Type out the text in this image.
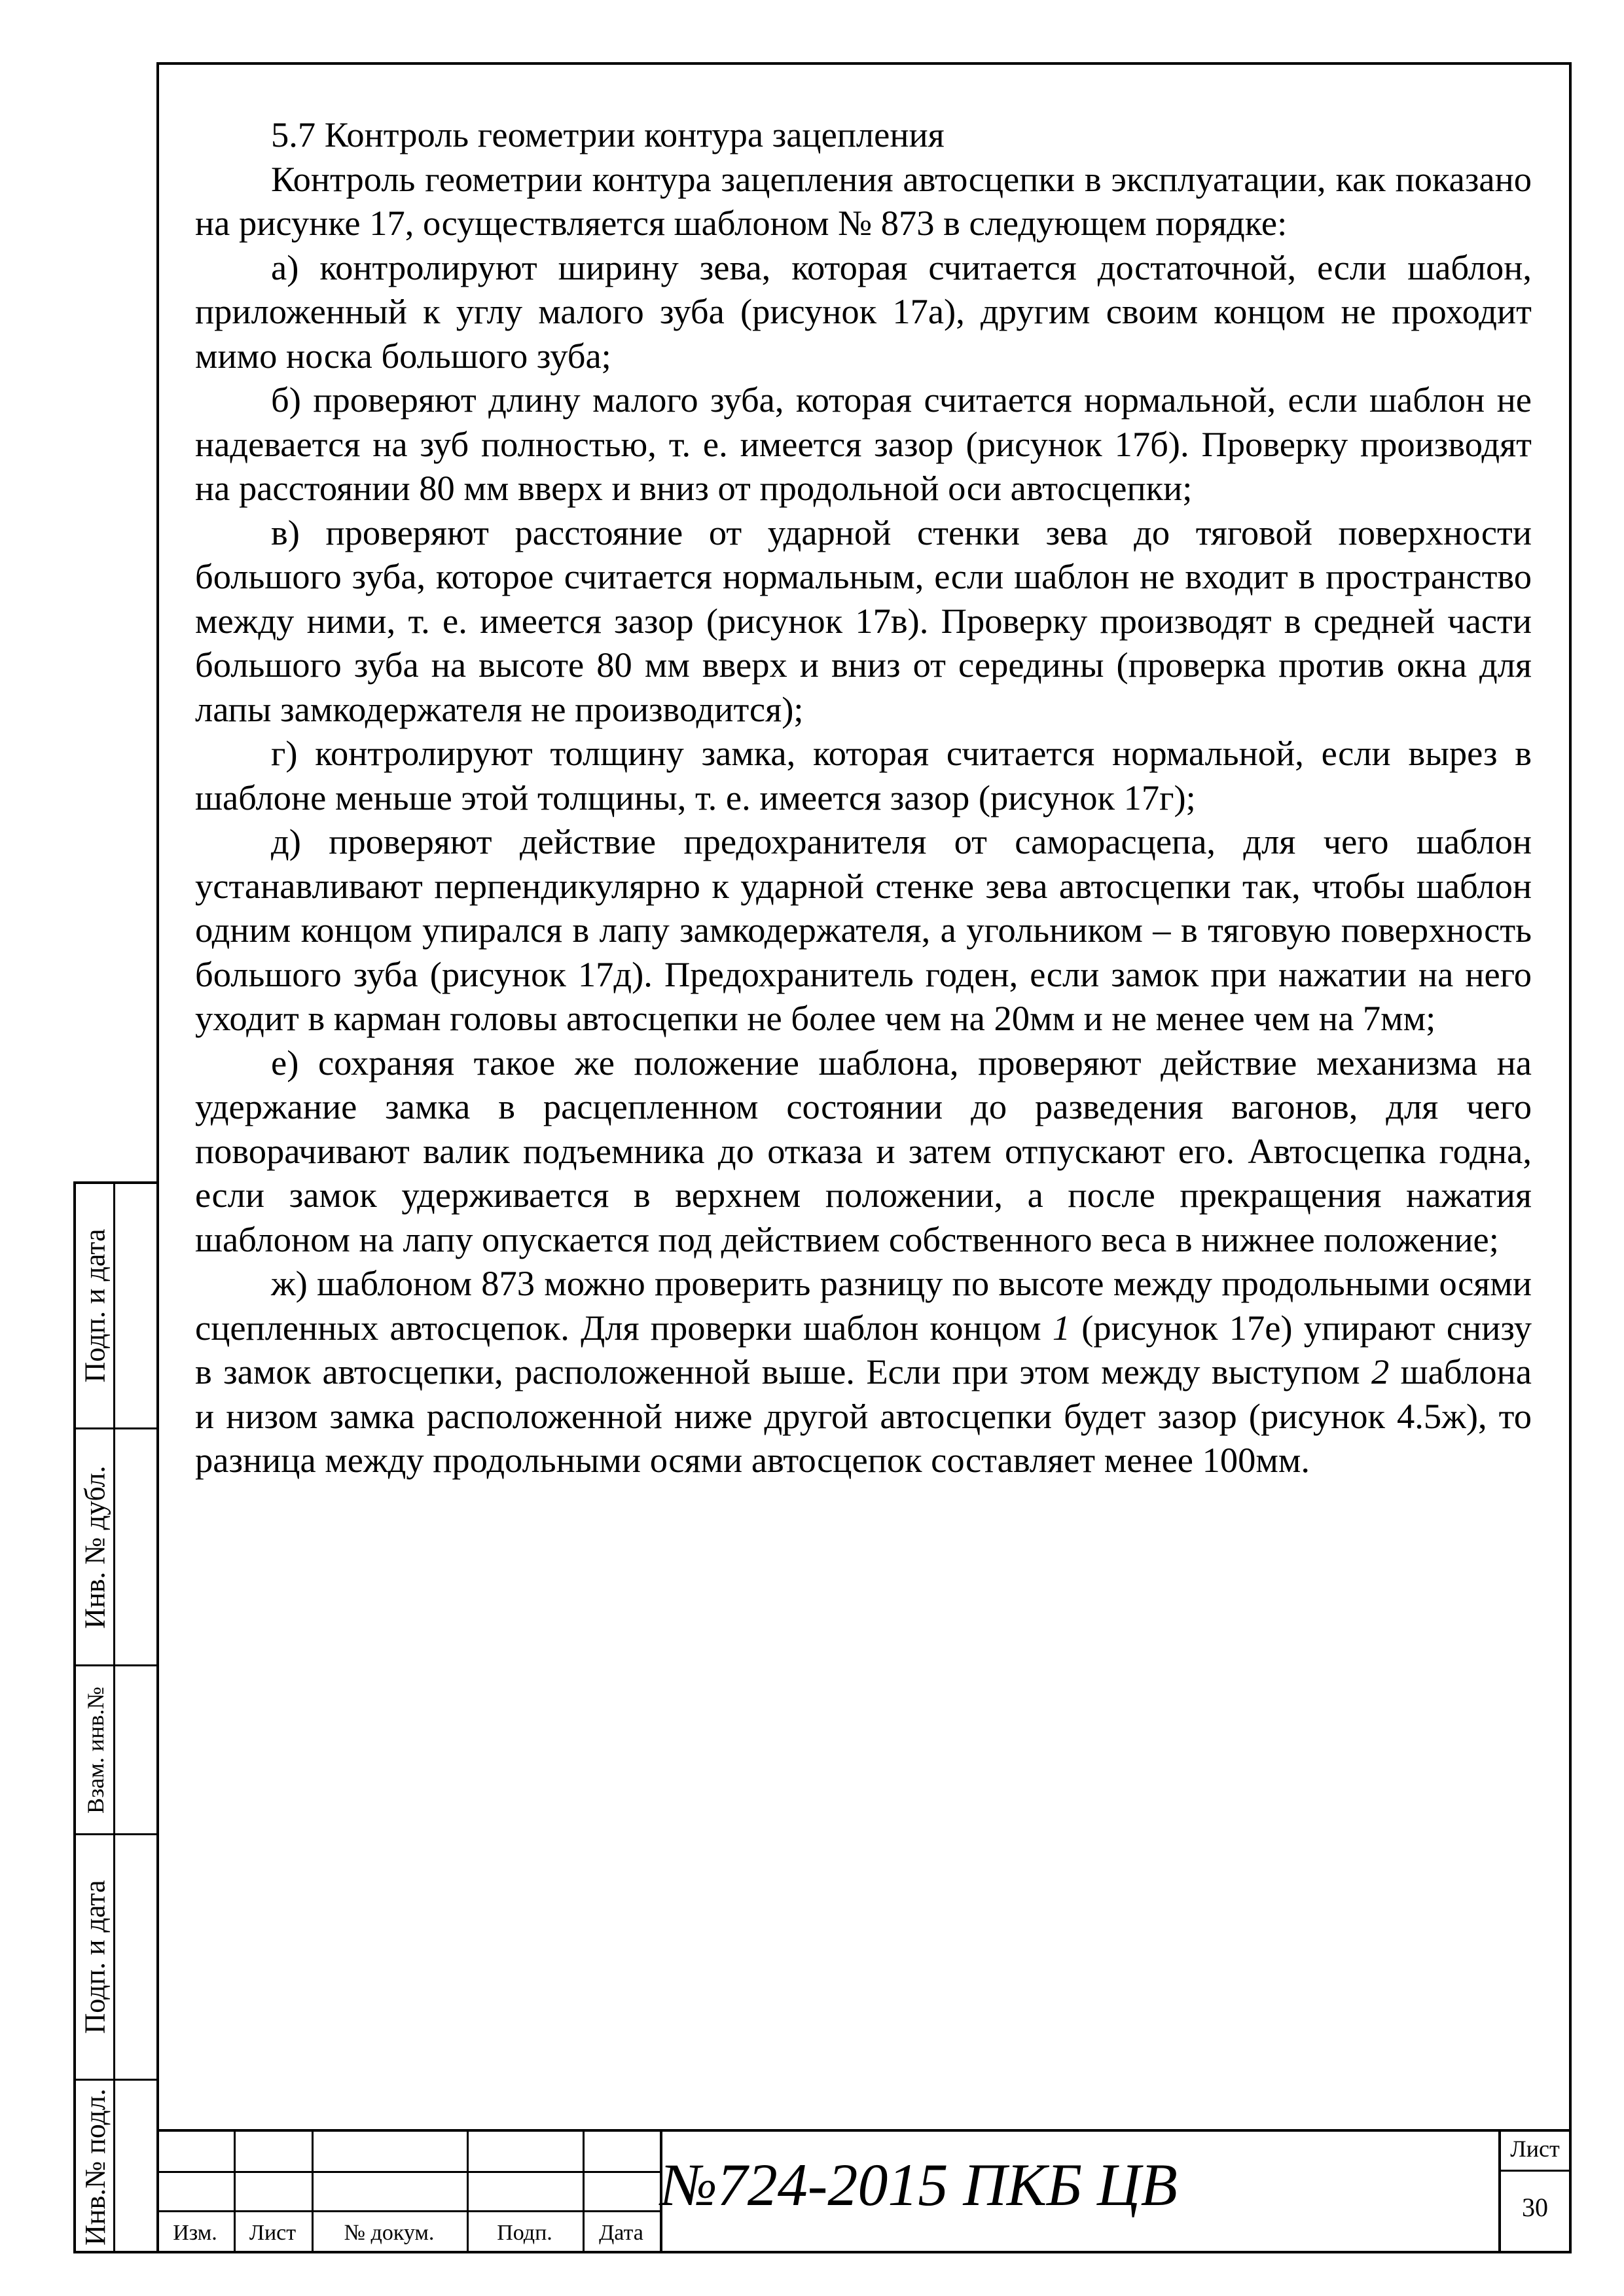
5.7 Контроль геометрии контура зацепления

Контроль геометрии контура зацепления автосцепки в эксплуатации, как показано на рисунке 17, осуществляется шаблоном № 873 в следующем порядке:

а) контролируют ширину зева, которая считается достаточной, если шаблон, приложенный к углу малого зуба (рисунок 17а), другим своим концом не проходит мимо носка большого зуба;

б) проверяют длину малого зуба, которая считается нормальной, если шаблон не надевается на зуб полностью, т. е. имеется зазор (рисунок 17б). Проверку производят на расстоянии 80 мм вверх и вниз от продольной оси автосцепки;

в) проверяют расстояние от ударной стенки зева до тяговой поверхности большого зуба, которое считается нормальным, если шаблон не входит в пространство между ними, т. е. имеется зазор (рисунок 17в). Проверку производят в средней части большого зуба на высоте 80 мм вверх и вниз от середины (проверка против окна для лапы замкодержателя не производится);

г) контролируют толщину замка, которая считается нормальной, если вырез в шаблоне меньше этой толщины, т. е. имеется зазор (рисунок 17г);

д) проверяют действие предохранителя от саморасцепа, для чего шаблон устанавливают перпендикулярно к ударной стенке зева автосцепки так, чтобы шаблон одним концом упирался в лапу замкодержателя, а угольником – в тяговую поверхность большого зуба (рисунок 17д). Предохранитель годен, если замок при нажатии на него уходит в карман головы автосцепки не более чем на 20мм и не менее чем на 7мм;

е) сохраняя такое же положение шаблона, проверяют действие механизма на удержание замка в расцепленном состоянии до разведения вагонов, для чего поворачивают валик подъемника до отказа и затем отпускают его. Автосцепка годна, если замок удерживается в верхнем положении, а после прекращения нажатия шаблоном на лапу опускается под действием собственного веса в нижнее положение;

ж) шаблоном 873 можно проверить разницу по высоте между продольными осями сцепленных автосцепок. Для проверки шаблон концом 1 (рисунок 17е) упирают снизу в замок автосцепки, расположенной выше. Если при этом между выступом 2 шаблона и низом замка расположенной ниже другой автосцепки будет зазор (рисунок 4.5ж), то разница между продольными осями автосцепок составляет менее 100мм.

Подп. и дата
Инв. № дубл.
Взам. инв.№
Подп. и дата
Инв.№ подл.	Изм.	Лист	№ докум.	Подп.	Дата
№724-2015 ПКБ ЦВ
Лист
30
